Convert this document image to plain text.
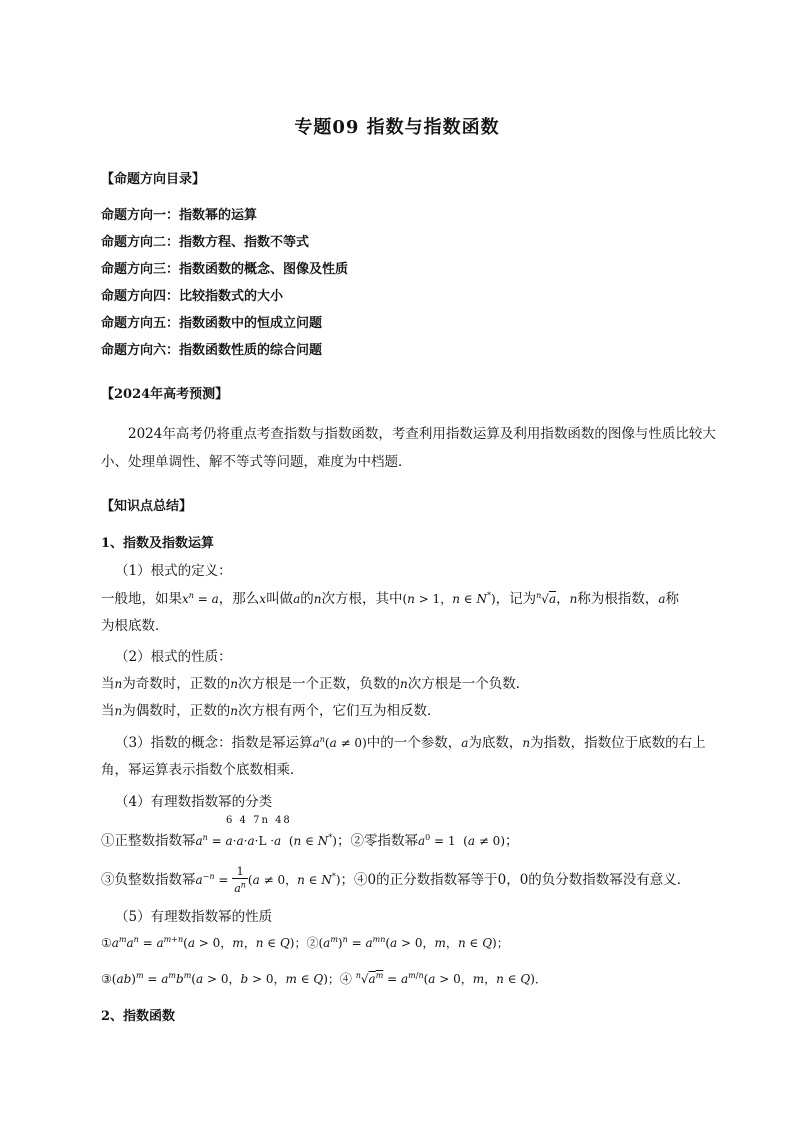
专题09 指数与指数函数
【命题方向目录】
命题方向一：指数幂的运算
命题方向二：指数方程、指数不等式
命题方向三：指数函数的概念、图像及性质
命题方向四：比较指数式的大小
命题方向五：指数函数中的恒成立问题
命题方向六：指数函数性质的综合问题
【2024年高考预测】
2024年高考仍将重点考查指数与指数函数，考查利用指数运算及利用指数函数的图像与性质比较大小、处理单调性、解不等式等问题，难度为中档题．
【知识点总结】
1、指数及指数运算
（1）根式的定义：
一般地，如果$x^n = a$，那么x叫做a的n次方根，其中(n > 1，n ∈ N*)，记为$^n$√a，n称为根指数，a称
为根底数．
（2）根式的性质：
当n为奇数时，正数的n次方根是一个正数，负数的n次方根是一个负数．
当n为偶数时，正数的n次方根有两个，它们互为相反数．
（3）指数的概念：指数是幂运算$a^n(a \ne 0)$中的一个参数，a为底数，n为指数，指数位于底数的右上
角，幂运算表示指数个底数相乘．
（4）有理数指数幂的分类
6 4 7n 48
①正整数指数幂$a^n = a\cdot a\cdot a\cdot L \cdot a$  (n ∈ N*)；②零指数幂$a^0 = 1$  (a ≠ 0)；
③负整数指数幂$a^{-n} = \frac{1}{a^n} (a \ne 0$，n ∈ N*)；④0的正分数指数幂等于0，0的负分数指数幂没有意义．
（5）有理数指数幂的性质
$①a^ma^n = a^{m+n}(a > 0$，m，n ∈ Q)；$②(a^m)^n = a^{mn}(a > 0$，m，n ∈ Q)；
③(ab)$^m$ = $a^mb^m(a > 0$，b > 0，m ∈ Q)；④ $^n√a^m = a^{m/n}(a > 0$，m，n ∈ Q)．
2、指数函数
